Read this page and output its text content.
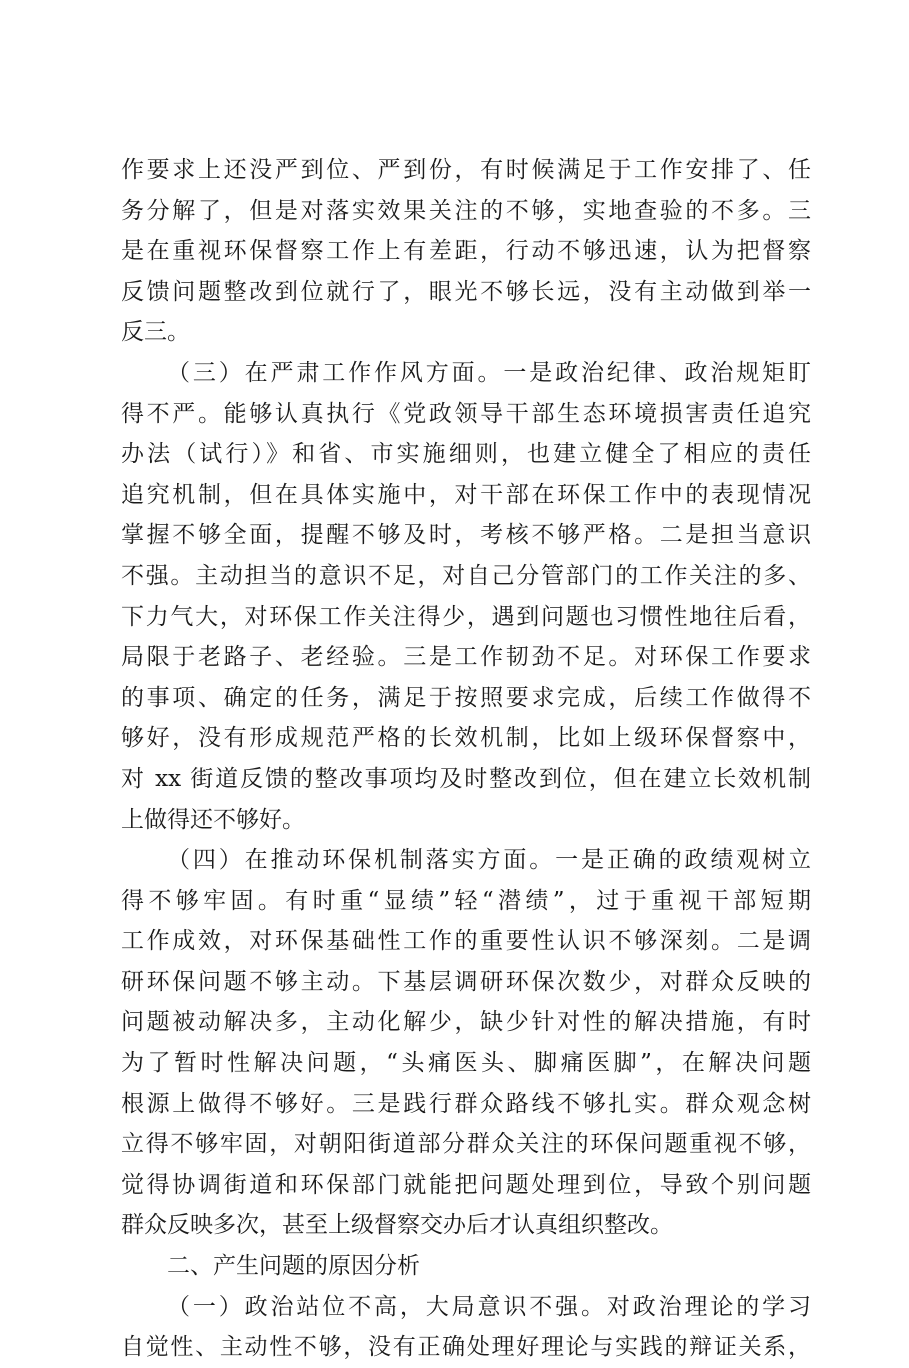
作要求上还没严到位、严到份，有时候满足于工作安排了、任
务分解了，但是对落实效果关注的不够，实地查验的不多。三
是在重视环保督察工作上有差距，行动不够迅速，认为把督察
反馈问题整改到位就行了，眼光不够长远，没有主动做到举一
反三。
（三）在严肃工作作风方面。一是政治纪律、政治规矩盯
得不严。能够认真执行《党政领导干部生态环境损害责任追究
办法（试行）》和省、市实施细则，也建立健全了相应的责任
追究机制，但在具体实施中，对干部在环保工作中的表现情况
掌握不够全面，提醒不够及时，考核不够严格。二是担当意识
不强。主动担当的意识不足，对自己分管部门的工作关注的多、
下力气大，对环保工作关注得少，遇到问题也习惯性地往后看，
局限于老路子、老经验。三是工作韧劲不足。对环保工作要求
的事项、确定的任务，满足于按照要求完成，后续工作做得不
够好，没有形成规范严格的长效机制，比如上级环保督察中，
对 xx 街道反馈的整改事项均及时整改到位，但在建立长效机制
上做得还不够好。
（四）在推动环保机制落实方面。一是正确的政绩观树立
得不够牢固。有时重“显绩”轻“潜绩”，过于重视干部短期
工作成效，对环保基础性工作的重要性认识不够深刻。二是调
研环保问题不够主动。下基层调研环保次数少，对群众反映的
问题被动解决多，主动化解少，缺少针对性的解决措施，有时
为了暂时性解决问题，“头痛医头、脚痛医脚”，在解决问题
根源上做得不够好。三是践行群众路线不够扎实。群众观念树
立得不够牢固，对朝阳街道部分群众关注的环保问题重视不够，
觉得协调街道和环保部门就能把问题处理到位，导致个别问题
群众反映多次，甚至上级督察交办后才认真组织整改。
二、产生问题的原因分析
（一）政治站位不高，大局意识不强。对政治理论的学习
自觉性、主动性不够，没有正确处理好理论与实践的辩证关系，
